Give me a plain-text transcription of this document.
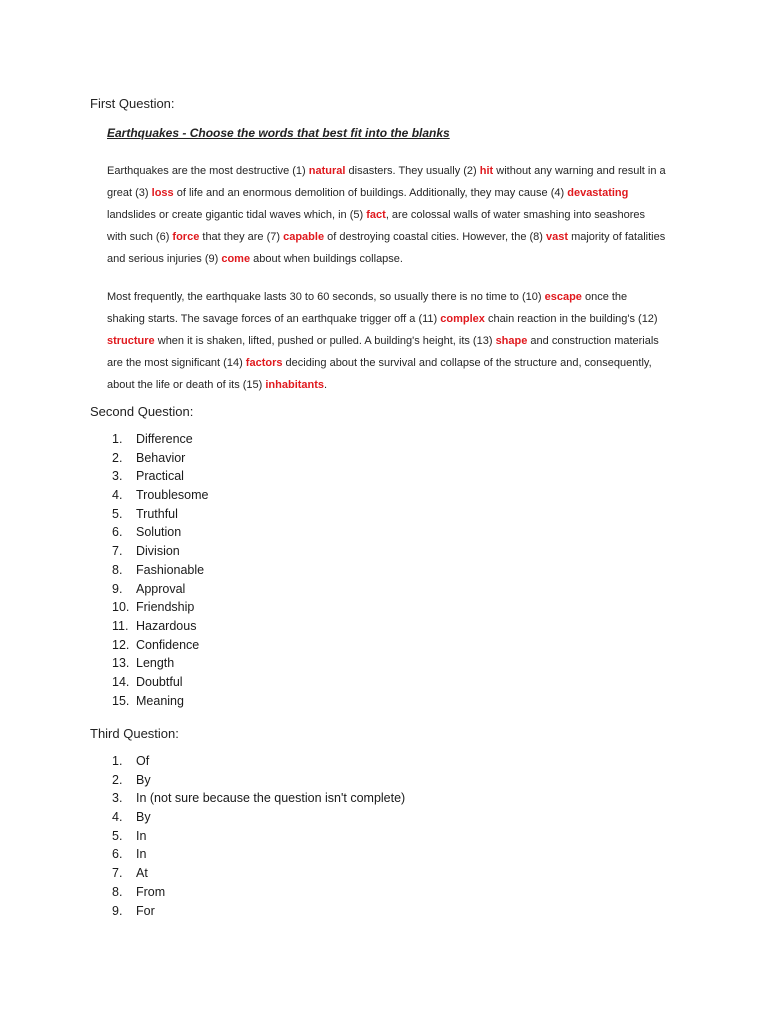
First Question:
Earthquakes - Choose the words that best fit into the blanks

Earthquakes are the most destructive (1) natural disasters. They usually (2) hit without any warning and result in a great (3) loss of life and an enormous demolition of buildings. Additionally, they may cause (4) devastating landslides or create gigantic tidal waves which, in (5) fact, are colossal walls of water smashing into seashores with such (6) force that they are (7) capable of destroying coastal cities. However, the (8) vast majority of fatalities and serious injuries (9) come about when buildings collapse.

Most frequently, the earthquake lasts 30 to 60 seconds, so usually there is no time to (10) escape once the shaking starts. The savage forces of an earthquake trigger off a (11) complex chain reaction in the building's (12) structure when it is shaken, lifted, pushed or pulled. A building's height, its (13) shape and construction materials are the most significant (14) factors deciding about the survival and collapse of the structure and, consequently, about the life or death of its (15) inhabitants.

Second Question:
1. Difference
2. Behavior
3. Practical
4. Troublesome
5. Truthful
6. Solution
7. Division
8. Fashionable
9. Approval
10. Friendship
11. Hazardous
12. Confidence
13. Length
14. Doubtful
15. Meaning
Third Question:
1. Of
2. By
3. In (not sure because the question isn't complete)
4. By
5. In
6. In
7. At
8. From
9. For
